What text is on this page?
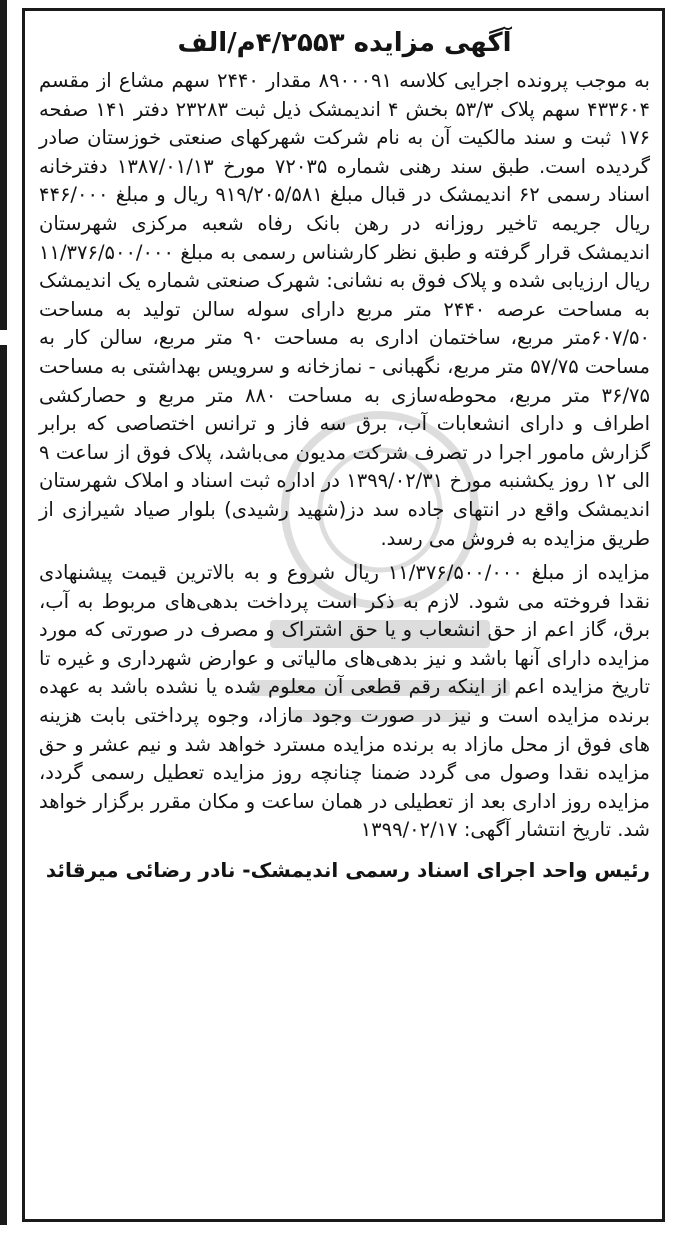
آگهی مزایده ۴/۲۵۵۳م/الف

به موجب پرونده اجرایی کلاسه ۸۹۰۰۰۹۱ مقدار ۲۴۴۰ سهم مشاع از مقسم ۴۳۳۶۰۴ سهم پلاک ۵۳/۳ بخش ۴ اندیمشک ذیل ثبت ۲۳۲۸۳ دفتر ۱۴۱ صفحه ۱۷۶ ثبت و سند مالکیت آن به نام شرکت شهرکهای صنعتی خوزستان صادر گردیده است. طبق سند رهنی شماره ۷۲۰۳۵ مورخ ۱۳۸۷/۰۱/۱۳ دفترخانه اسناد رسمی ۶۲ اندیمشک در قبال مبلغ ۹۱۹/۲۰۵/۵۸۱ ریال و مبلغ ۴۴۶/۰۰۰ ریال جریمه تاخیر روزانه در رهن بانک رفاه شعبه مرکزی شهرستان اندیمشک قرار گرفته و طبق نظر کارشناس رسمی به مبلغ ۱۱/۳۷۶/۵۰۰/۰۰۰ ریال ارزیابی شده و پلاک فوق به نشانی: شهرک صنعتی شماره یک اندیمشک به مساحت عرصه ۲۴۴۰ متر مربع دارای سوله سالن تولید به مساحت ۶۰۷/۵۰متر مربع، ساختمان اداری به مساحت ۹۰ متر مربع، سالن کار به مساحت ۵۷/۷۵ متر مربع، نگهبانی - نمازخانه و سرویس بهداشتی به مساحت ۳۶/۷۵ متر مربع، محوطه‌سازی به مساحت ۸۸۰ متر مربع و حصارکشی اطراف و دارای انشعابات آب، برق سه فاز و ترانس اختصاصی که برابر گزارش مامور اجرا در تصرف شرکت مدیون می‌باشد، پلاک فوق از ساعت ۹ الی ۱۲ روز یکشنبه مورخ ۱۳۹۹/۰۲/۳۱ در اداره ثبت اسناد و املاک شهرستان اندیمشک واقع در انتهای جاده سد دز(شهید رشیدی) بلوار صیاد شیرازی از طریق مزایده به فروش می رسد.

مزایده از مبلغ ۱۱/۳۷۶/۵۰۰/۰۰۰ ریال شروع و به بالاترین قیمت پیشنهادی نقدا فروخته می شود. لازم به ذکر است پرداخت بدهی‌های مربوط به آب، برق، گاز اعم از حق انشعاب و یا حق اشتراک و مصرف در صورتی که مورد مزایده دارای آنها باشد و نیز بدهی‌های مالیاتی و عوارض شهرداری و غیره تا تاریخ مزایده اعم از اینکه رقم قطعی آن معلوم شده یا نشده باشد به عهده برنده مزایده است و نیز در صورت وجود مازاد، وجوه پرداختی بابت هزینه های فوق از محل مازاد به برنده مزایده مسترد خواهد شد و نیم عشر و حق مزایده نقدا وصول می گردد ضمنا چنانچه روز مزایده تعطیل رسمی گردد، مزایده روز اداری بعد از تعطیلی در همان ساعت و مکان مقرر برگزار خواهد شد. تاریخ انتشار آگهی: ۱۳۹۹/۰۲/۱۷

رئیس واحد اجرای اسناد رسمی اندیمشک- نادر رضائی میرقائد
